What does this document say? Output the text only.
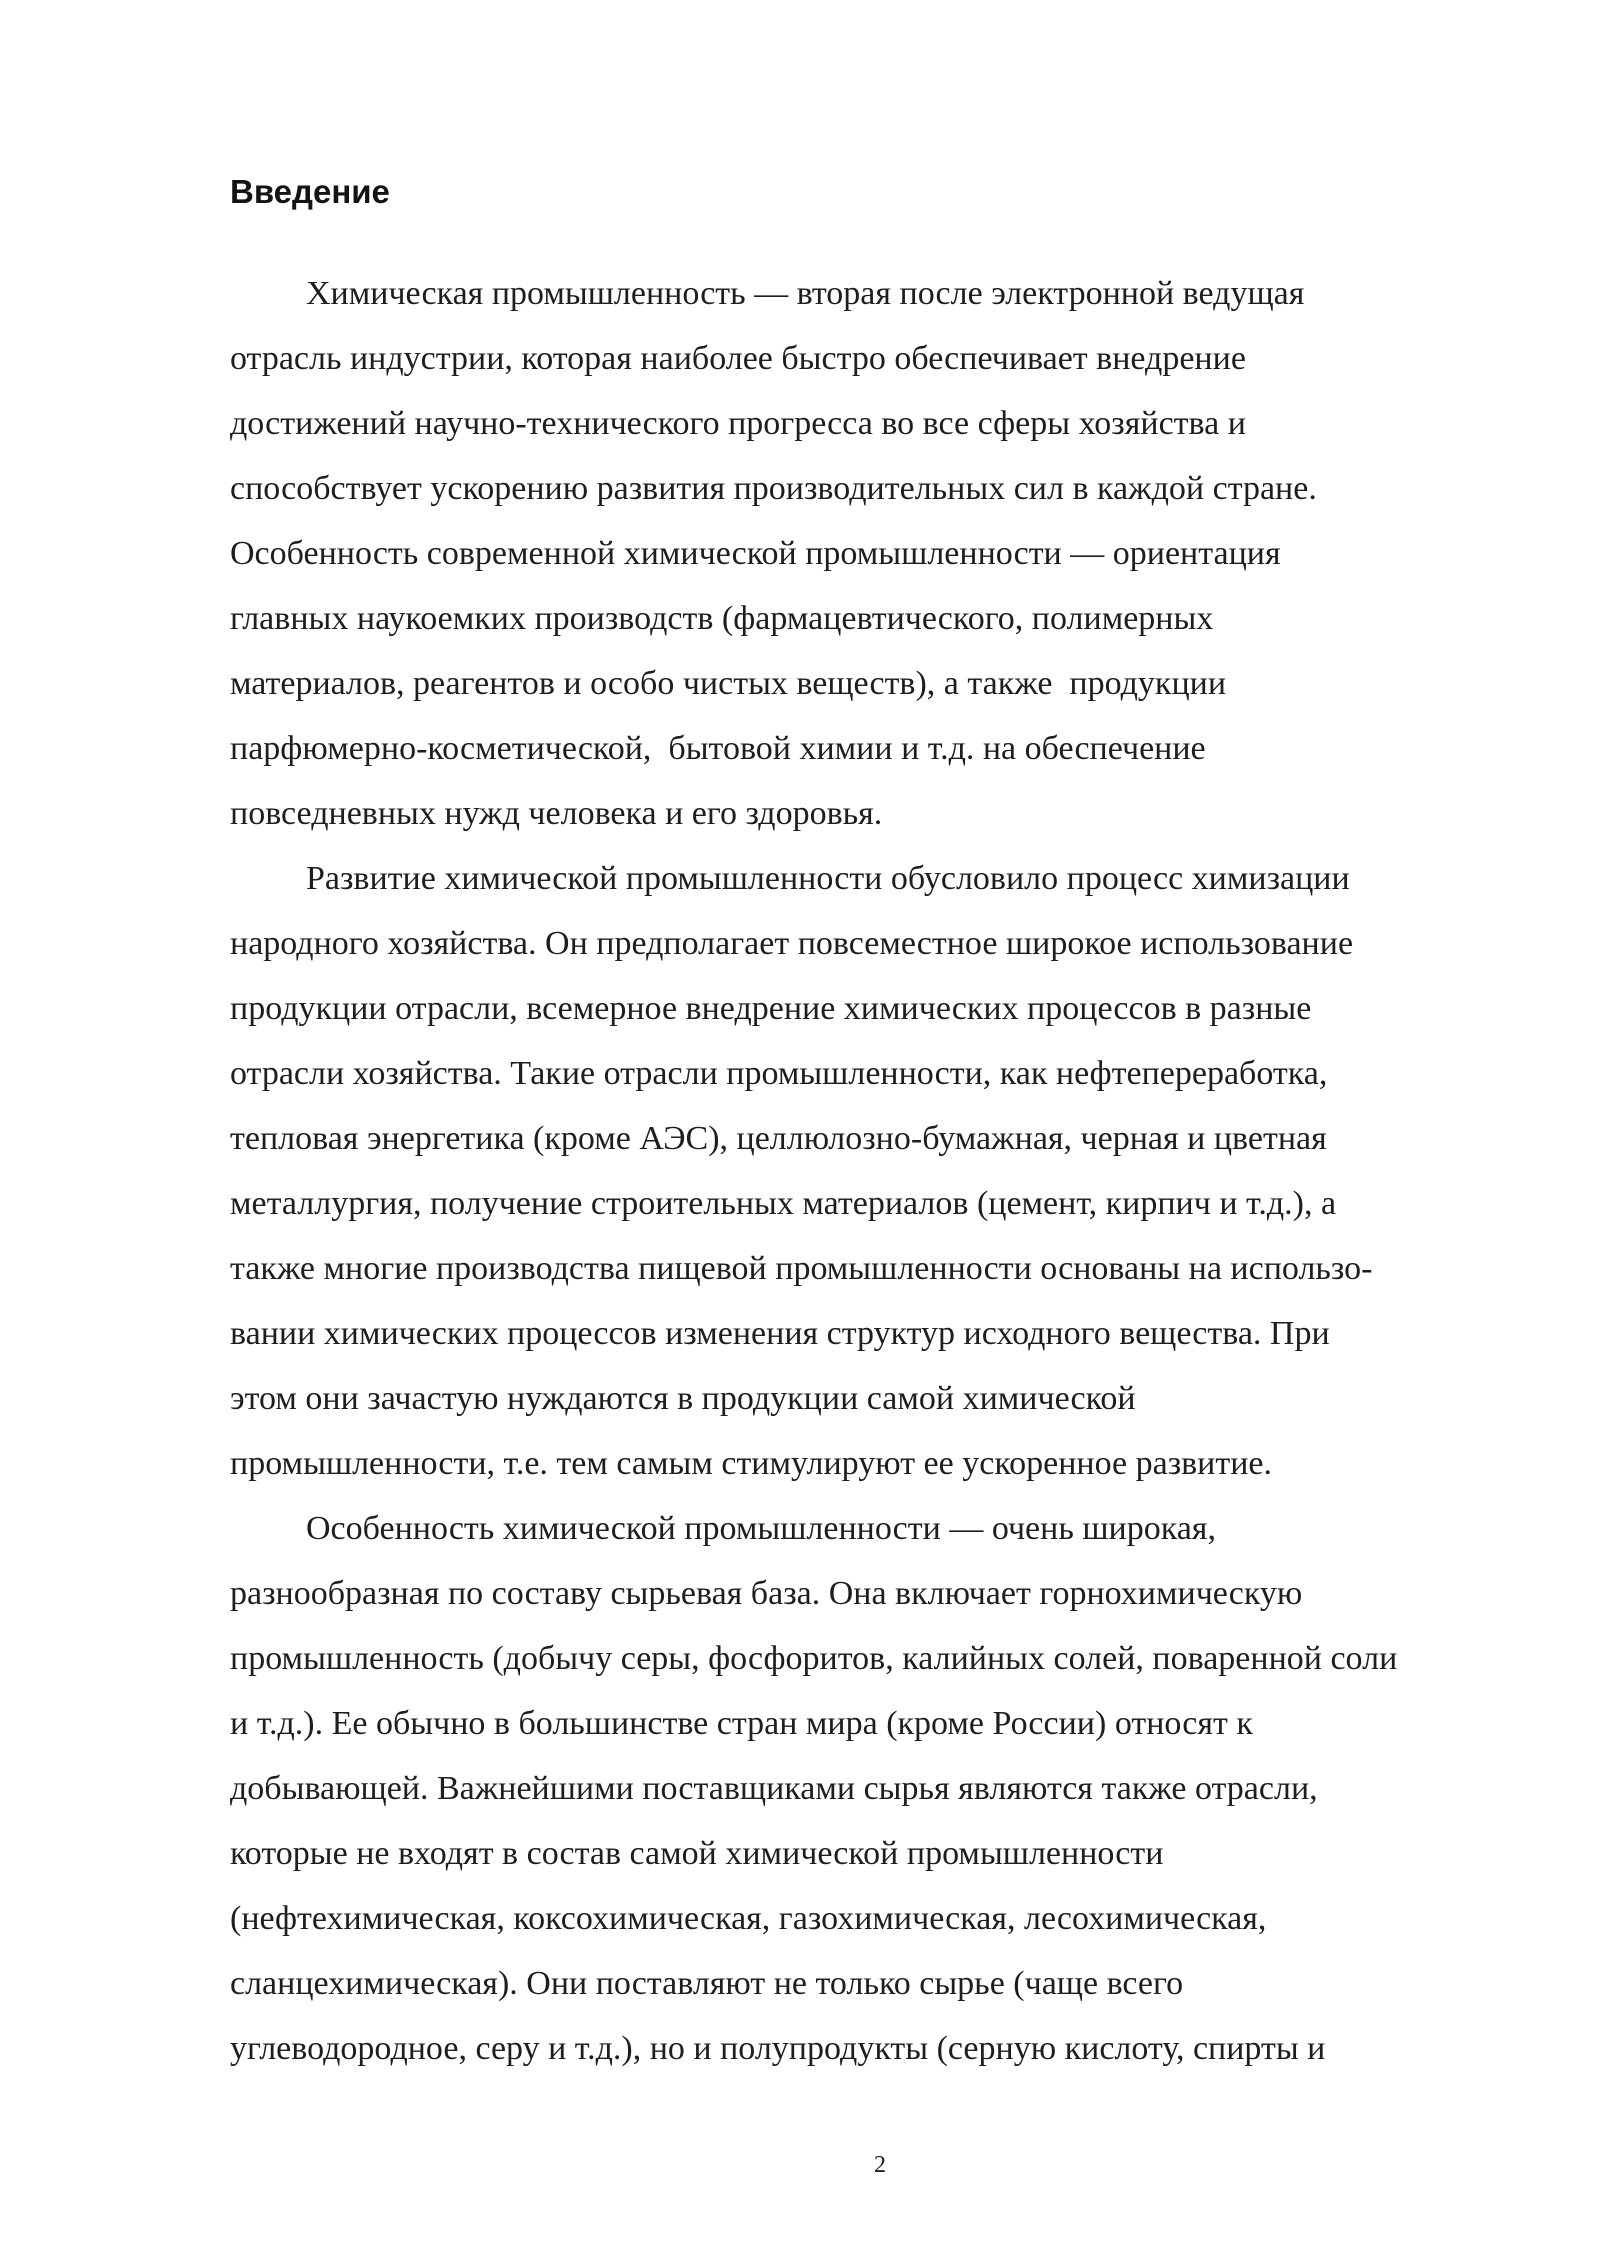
Введение

Химическая промышленность — вторая после электронной ведущая

отрасль индустрии, которая наиболее быстро обеспечивает внедрение

достижений научно-технического прогресса во все сферы хозяйства и

способствует ускорению развития производительных сил в каждой стране.

Особенность современной химической промышленности — ориентация

главных наукоемких производств (фармацевтического, полимерных

материалов, реагентов и особо чистых веществ), а также  продукции

парфюмерно-косметической,  бытовой химии и т.д. на обеспечение

повседневных нужд человека и его здоровья.

Развитие химической промышленности обусловило процесс химизации

народного хозяйства. Он предполагает повсеместное широкое использование

продукции отрасли, всемерное внедрение химических процессов в разные

отрасли хозяйства. Такие отрасли промышленности, как нефтепереработка,

тепловая энергетика (кроме АЭС), целлюлозно-бумажная, черная и цветная

металлургия, получение строительных материалов (цемент, кирпич и т.д.), а

также многие производства пищевой промышленности основаны на использо-

вании химических процессов изменения структур исходного вещества. При

этом они зачастую нуждаются в продукции самой химической

промышленности, т.е. тем самым стимулируют ее ускоренное развитие.

Особенность химической промышленности — очень широкая,

разнообразная по составу сырьевая база. Она включает горнохимическую

промышленность (добычу серы, фосфоритов, калийных солей, поваренной соли

и т.д.). Ее обычно в большинстве стран мира (кроме России) относят к

добывающей. Важнейшими поставщиками сырья являются также отрасли,

которые не входят в состав самой химической промышленности

(нефтехимическая, коксохимическая, газохимическая, лесохимическая,

сланцехимическая). Они поставляют не только сырье (чаще всего

углеводородное, серу и т.д.), но и полупродукты (серную кислоту, спирты и

2
